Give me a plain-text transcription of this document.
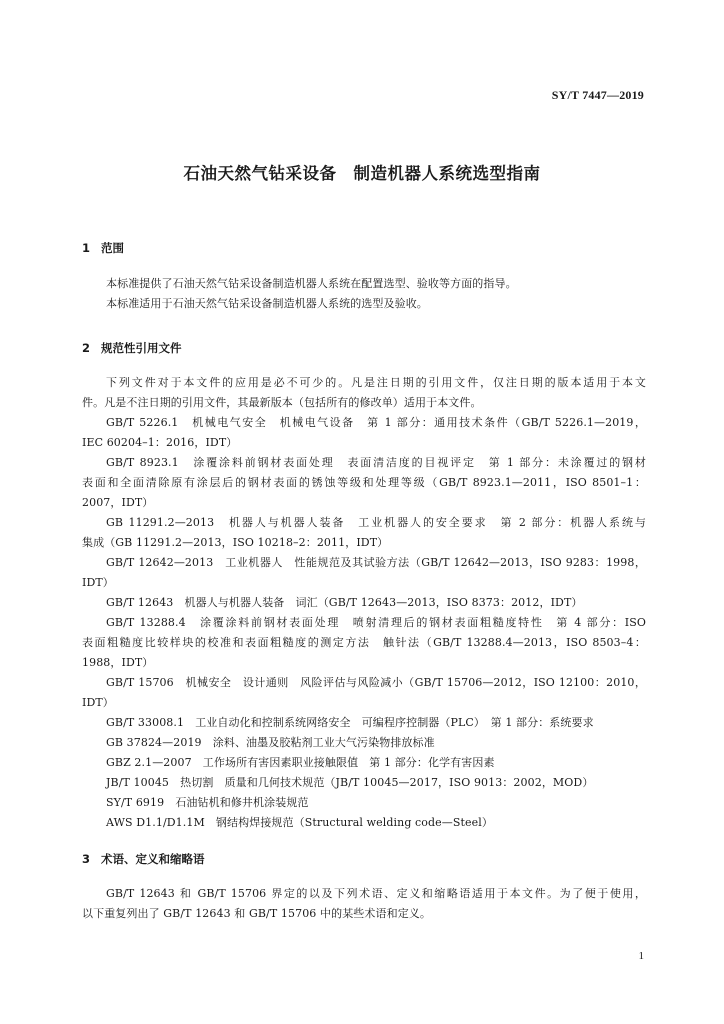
SY/T 7447—2019
石油天然气钻采设备　制造机器人系统选型指南
1 范围
本标准提供了石油天然气钻采设备制造机器人系统在配置选型、验收等方面的指导。
本标准适用于石油天然气钻采设备制造机器人系统的选型及验收。
2 规范性引用文件
下列文件对于本文件的应用是必不可少的。凡是注日期的引用文件，仅注日期的版本适用于本文
件。凡是不注日期的引用文件，其最新版本（包括所有的修改单）适用于本文件。
GB/T 5226.1　机械电气安全　机械电气设备　第 1 部分：通用技术条件（GB/T 5226.1—2019，
IEC 60204–1：2016，IDT）
GB/T 8923.1　涂覆涂料前钢材表面处理　表面清洁度的目视评定　第 1 部分：未涂覆过的钢材
表面和全面清除原有涂层后的钢材表面的锈蚀等级和处理等级（GB/T 8923.1—2011，ISO 8501–1：
2007，IDT）
GB 11291.2—2013　机器人与机器人装备　工业机器人的安全要求　第 2 部分：机器人系统与
集成（GB 11291.2—2013，ISO 10218–2：2011，IDT）
GB/T 12642—2013　工业机器人　性能规范及其试验方法（GB/T 12642—2013，ISO 9283：1998，
IDT）
GB/T 12643　机器人与机器人装备　词汇（GB/T 12643—2013，ISO 8373：2012，IDT）
GB/T 13288.4　涂覆涂料前钢材表面处理　喷射清理后的钢材表面粗糙度特性　第 4 部分：ISO
表面粗糙度比较样块的校准和表面粗糙度的测定方法　触针法（GB/T 13288.4—2013，ISO 8503–4：
1988，IDT）
GB/T 15706　机械安全　设计通则　风险评估与风险减小（GB/T 15706—2012，ISO 12100：2010，
IDT）
GB/T 33008.1　工业自动化和控制系统网络安全　可编程序控制器（PLC）　第 1 部分：系统要求
GB 37824—2019　涂料、油墨及胶粘剂工业大气污染物排放标准
GBZ 2.1—2007　工作场所有害因素职业接触限值　第 1 部分：化学有害因素
JB/T 10045　热切割　质量和几何技术规范（JB/T 10045—2017，ISO 9013：2002，MOD）
SY/T 6919　石油钻机和修井机涂装规范
AWS D1.1/D1.1M　钢结构焊接规范（Structural welding code—Steel）
3 术语、定义和缩略语
GB/T 12643 和 GB/T 15706 界定的以及下列术语、定义和缩略语适用于本文件。为了便于使用，
以下重复列出了 GB/T 12643 和 GB/T 15706 中的某些术语和定义。
1
